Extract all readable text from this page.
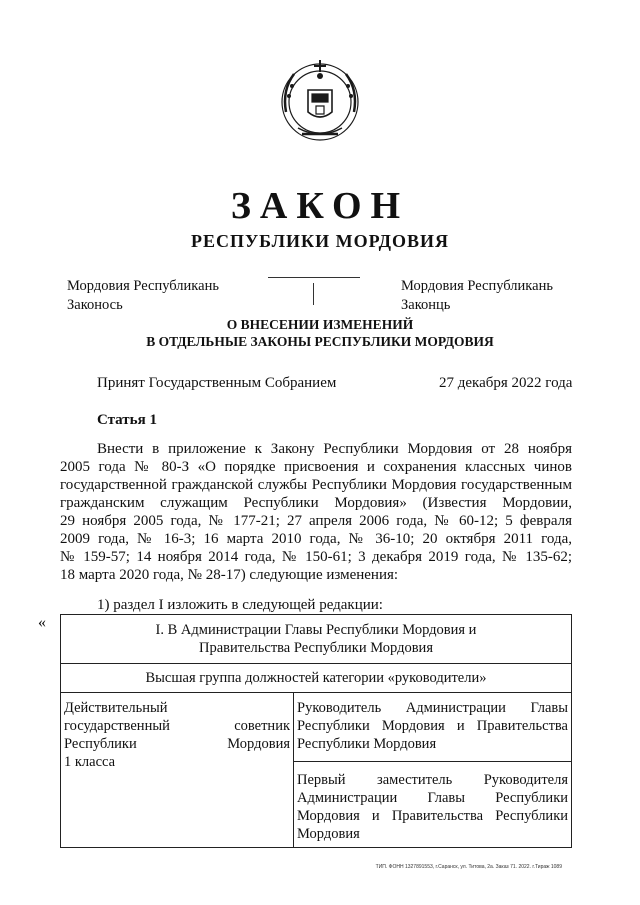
ЗАКОН
РЕСПУБЛИКИ МОРДОВИЯ
Мордовия Республикань
Законось
Мордовия Республикань
Законць
О ВНЕСЕНИИ ИЗМЕНЕНИЙ
В ОТДЕЛЬНЫЕ ЗАКОНЫ РЕСПУБЛИКИ МОРДОВИЯ
Принят Государственным Собранием	27 декабря 2022 года
Статья 1
Внести в приложение к Закону Республики Мордовия от 28 ноября
2005 года № 80-З «О порядке присвоения и сохранения классных чинов
государственной гражданской службы Республики Мордовия государственным
гражданским служащим Республики Мордовия» (Известия Мордовии,
29 ноября 2005 года, № 177-21; 27 апреля 2006 года, № 60-12; 5 февраля
2009 года, № 16-3; 16 марта 2010 года, № 36-10; 20 октября 2011 года,
№ 159-57; 14 ноября 2014 года, № 150-61; 3 декабря 2019 года, № 135-62;
18 марта 2020 года, № 28-17) следующие изменения:
1) раздел I изложить в следующей редакции:
«	I. В Администрации Главы Республики Мордовия и
Правительства Республики Мордовия

Высшая группа должностей категории «руководители»

Действительный
государственный советник
Республики Мордовия
1 класса

Руководитель Администрации Главы
Республики Мордовия и Правительства
Республики Мордовия

Первый заместитель Руководителя
Администрации Главы Республики
Мордовия и Правительства Республики
Мордовия
ТИП. ФОНН 1327891553, г.Саранск, ул. Титова, 2а. Заказ 71. 2022. г.Тираж 1089
